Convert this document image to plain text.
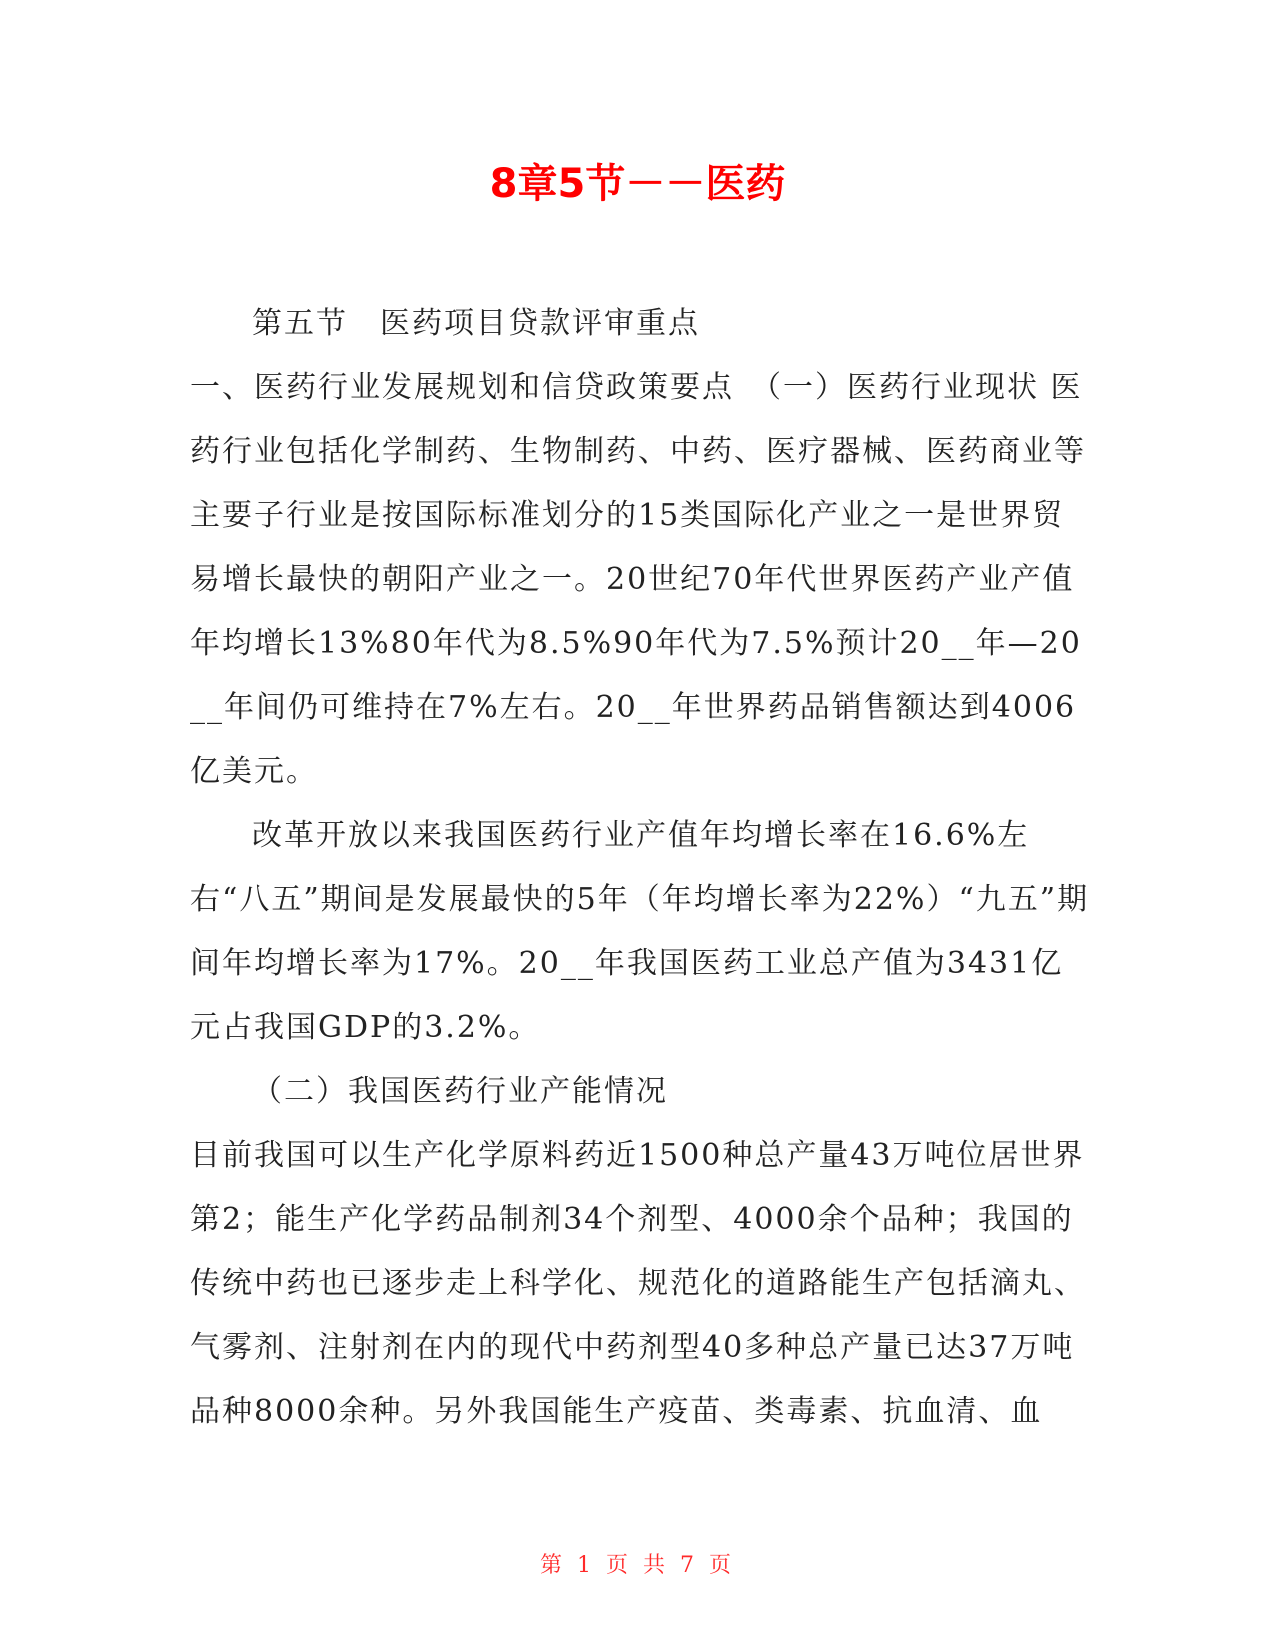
8章5节－－医药

第五节　医药项目贷款评审重点

一、医药行业发展规划和信贷政策要点　（一）医药行业现状 医药行业包括化学制药、生物制药、中药、医疗器械、医药商业等主要子行业是按国际标准划分的15类国际化产业之一是世界贸易增长最快的朝阳产业之一。20世纪70年代世界医药产业产值年均增长13%80年代为8.5%90年代为7.5%预计20__年—20__年间仍可维持在7%左右。20__年世界药品销售额达到4006亿美元。

改革开放以来我国医药行业产值年均增长率在16.6%左右“八五”期间是发展最快的5年（年均增长率为22%）“九五”期间年均增长率为17%。20__年我国医药工业总产值为3431亿元占我国GDP的3.2%。

（二）我国医药行业产能情况

目前我国可以生产化学原料药近1500种总产量43万吨位居世界第2；能生产化学药品制剂34个剂型、4000余个品种；我国的传统中药也已逐步走上科学化、规范化的道路能生产包括滴丸、气雾剂、注射剂在内的现代中药剂型40多种总产量已达37万吨品种8000余种。另外我国能生产疫苗、类毒素、抗血清、血

第 1 页 共 7 页
